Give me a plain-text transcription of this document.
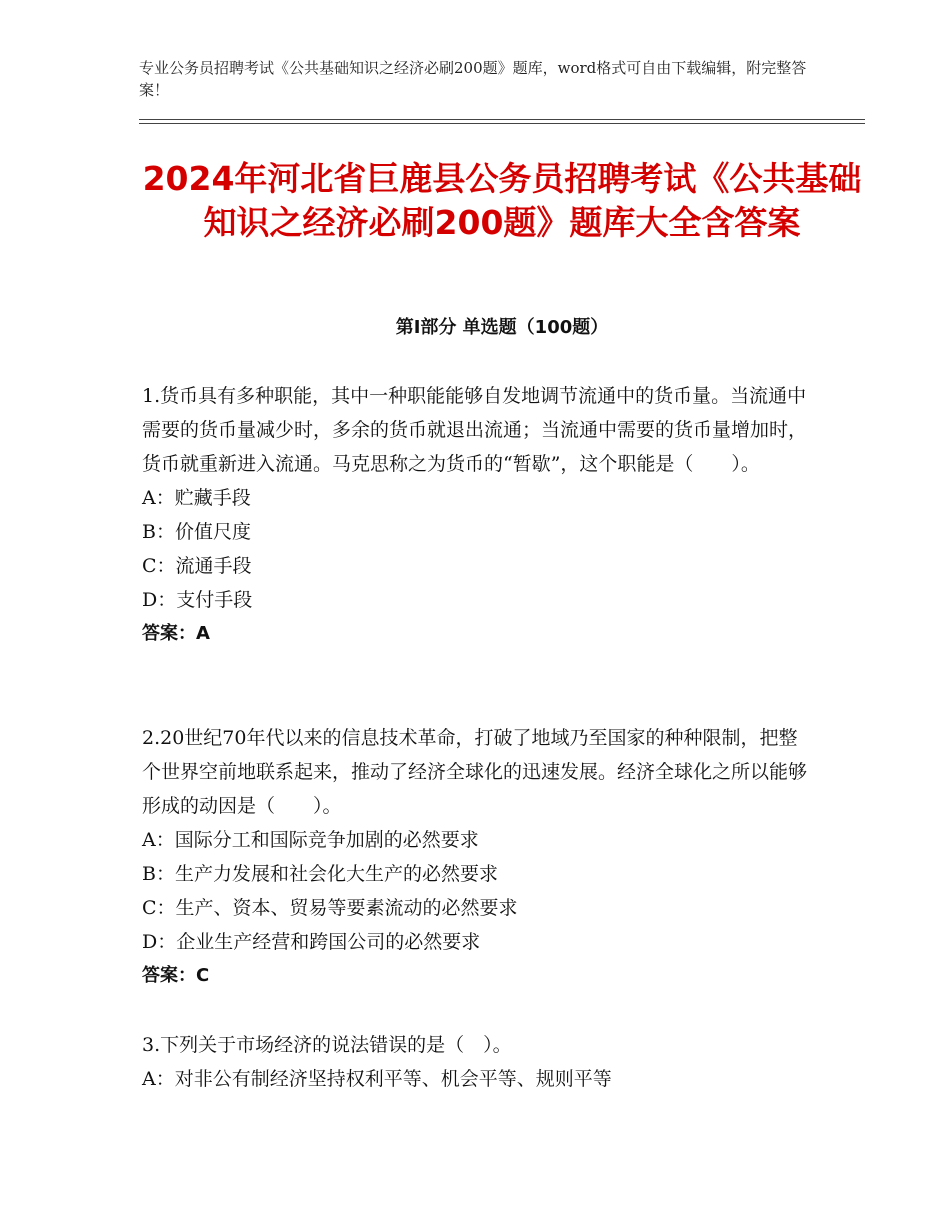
专业公务员招聘考试《公共基础知识之经济必刷200题》题库，word格式可自由下载编辑，附完整答案！
2024年河北省巨鹿县公务员招聘考试《公共基础知识之经济必刷200题》题库大全含答案
第Ⅰ部分 单选题（100题）
1.货币具有多种职能，其中一种职能能够自发地调节流通中的货币量。当流通中需要的货币量减少时，多余的货币就退出流通；当流通中需要的货币量增加时，货币就重新进入流通。马克思称之为货币的“暂歇”，这个职能是（　　）。
A：贮藏手段
B：价值尺度
C：流通手段
D：支付手段
答案：A
2.20世纪70年代以来的信息技术革命，打破了地域乃至国家的种种限制，把整个世界空前地联系起来，推动了经济全球化的迅速发展。经济全球化之所以能够形成的动因是（　　）。
A：国际分工和国际竞争加剧的必然要求
B：生产力发展和社会化大生产的必然要求
C：生产、资本、贸易等要素流动的必然要求
D：企业生产经营和跨国公司的必然要求
答案：C
3.下列关于市场经济的说法错误的是（　）。
A：对非公有制经济坚持权利平等、机会平等、规则平等
